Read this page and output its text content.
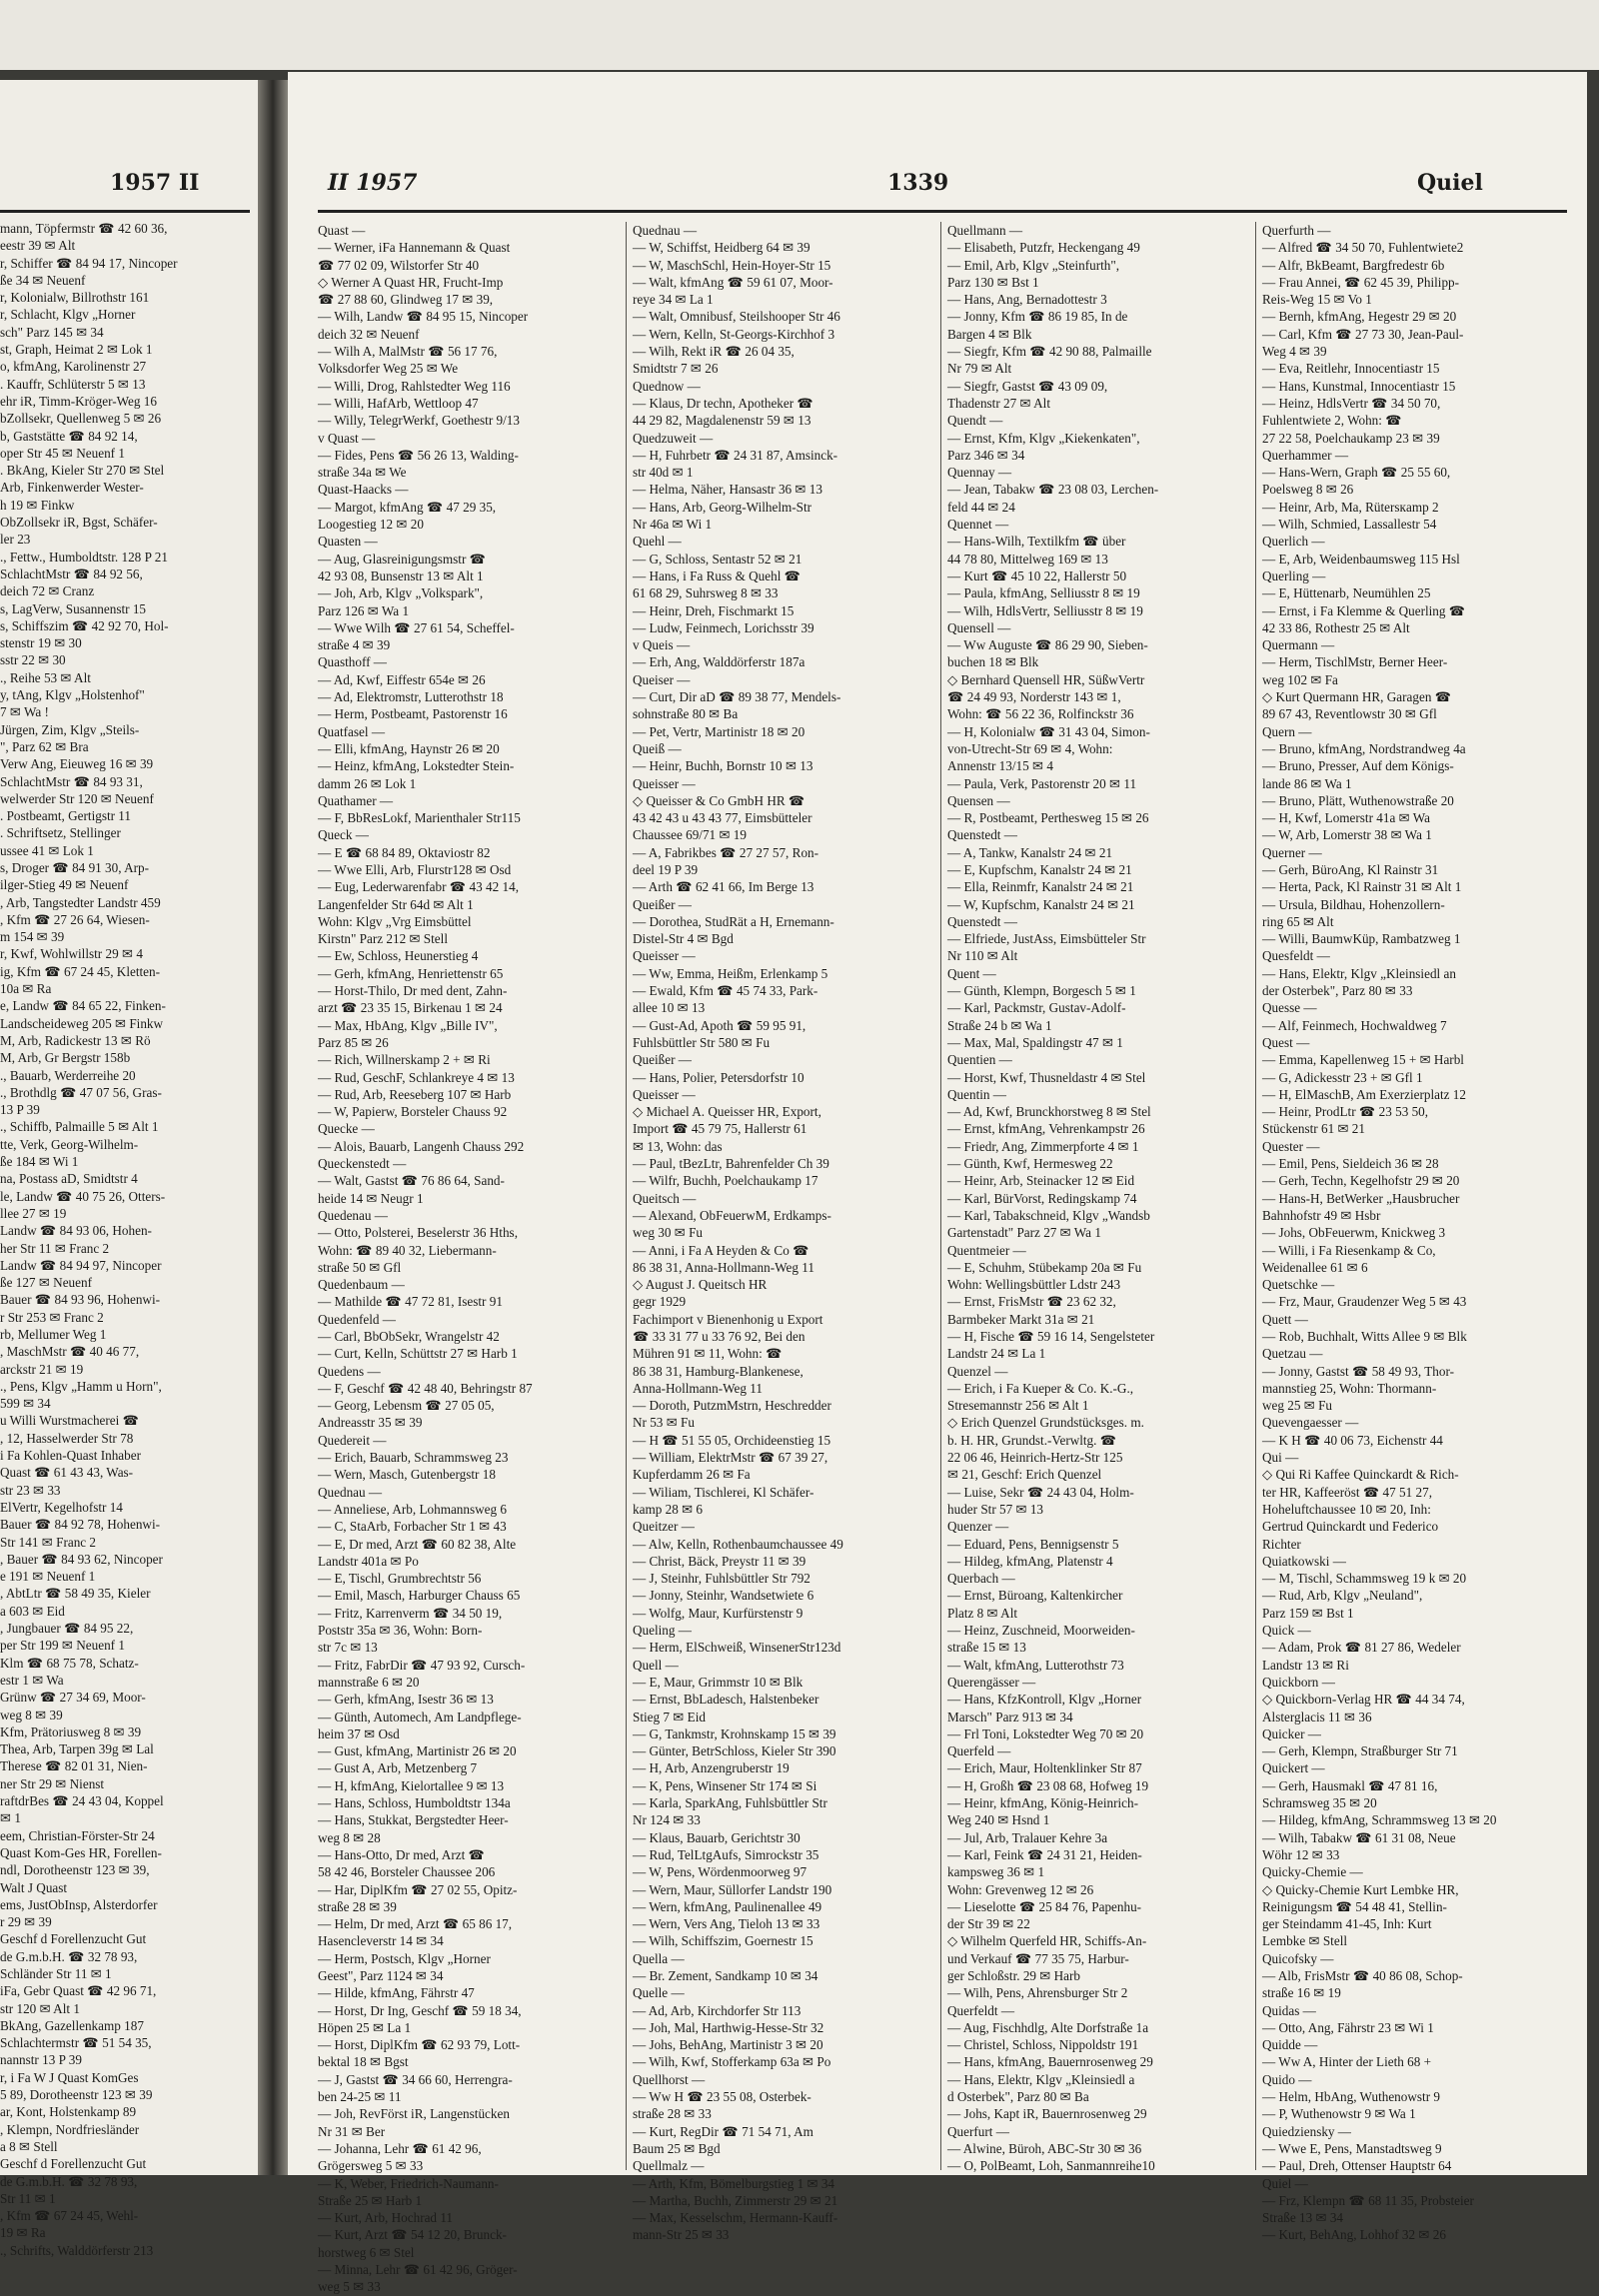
1957 II
mann, Töpfermstr ☎ 42 60 36,
eestr 39 ✉ Alt
r, Schiffer ☎ 84 94 17, Nincoper
ße 34 ✉ Neuenf
r, Kolonialw, Billrothstr 161
r, Schlacht, Klgv „Horner
sch" Parz 145 ✉ 34
st, Graph, Heimat 2 ✉ Lok 1
o, kfmAng, Karolinenstr 27
. Kauffr, Schlüterstr 5 ✉ 13
ehr iR, Timm-Kröger-Weg 16
bZollsekr, Quellenweg 5 ✉ 26
b, Gaststätte ☎ 84 92 14,
oper Str 45 ✉ Neuenf 1
. BkAng, Kieler Str 270 ✉ Stel
Arb, Finkenwerder Wester-
h 19 ✉ Finkw
ObZollsekr iR, Bgst, Schäfer-
ler 23
., Fettw., Humboldtstr. 128 P 21
SchlachtMstr ☎ 84 92 56,
deich 72 ✉ Cranz
s, LagVerw, Susannenstr 15
s, Schiffszim ☎ 42 92 70, Hol-
stenstr 19 ✉ 30
sstr 22 ✉ 30
., Reihe 53 ✉ Alt
y, tAng, Klgv „Holstenhof"
7 ✉ Wa !
Jürgen, Zim, Klgv „Steils-
", Parz 62 ✉ Bra
Verw Ang, Eieuweg 16 ✉ 39
SchlachtMstr ☎ 84 93 31,
welwerder Str 120 ✉ Neuenf
. Postbeamt, Gertigstr 11
. Schriftsetz, Stellinger
ussee 41 ✉ Lok 1
s, Droger ☎ 84 91 30, Arp-
ilger-Stieg 49 ✉ Neuenf
, Arb, Tangstedter Landstr 459
, Kfm ☎ 27 26 64, Wiesen-
m 154 ✉ 39
r, Kwf, Wohlwillstr 29 ✉ 4
ig, Kfm ☎ 67 24 45, Kletten-
10a ✉ Ra
e, Landw ☎ 84 65 22, Finken-
Landscheideweg 205 ✉ Finkw
M, Arb, Radickestr 13 ✉ Rö
M, Arb, Gr Bergstr 158b
., Bauarb, Werderreihe 20
., Brothdlg ☎ 47 07 56, Gras-
13 P 39
., Schiffb, Palmaille 5 ✉ Alt 1
tte, Verk, Georg-Wilhelm-
ße 184 ✉ Wi 1
na, Postass aD, Smidtstr 4
le, Landw ☎ 40 75 26, Otters-
llee 27 ✉ 19
Landw ☎ 84 93 06, Hohen-
her Str 11 ✉ Franc 2
Landw ☎ 84 94 97, Nincoper
ße 127 ✉ Neuenf
Bauer ☎ 84 93 96, Hohenwi-
r Str 253 ✉ Franc 2
rb, Mellumer Weg 1
, MaschMstr ☎ 40 46 77,
arckstr 21 ✉ 19
., Pens, Klgv „Hamm u Horn",
599 ✉ 34
u Willi Wurstmacherei ☎
, 12, Hasselwerder Str 78
i Fa Kohlen-Quast Inhaber
Quast ☎ 61 43 43, Was-
str 23 ✉ 33
ElVertr, Kegelhofstr 14
Bauer ☎ 84 92 78, Hohenwi-
Str 141 ✉ Franc 2
, Bauer ☎ 84 93 62, Nincoper
e 191 ✉ Neuenf 1
, AbtLtr ☎ 58 49 35, Kieler
a 603 ✉ Eid
, Jungbauer ☎ 84 95 22,
per Str 199 ✉ Neuenf 1
Klm ☎ 68 75 78, Schatz-
estr 1 ✉ Wa
Grünw ☎ 27 34 69, Moor-
weg 8 ✉ 39
Kfm, Prätoriusweg 8 ✉ 39
Thea, Arb, Tarpen 39g ✉ Lal
Therese ☎ 82 01 31, Nien-
ner Str 29 ✉ Nienst
raftdrBes ☎ 24 43 04, Koppel
✉ 1
eem, Christian-Förster-Str 24
Quast Kom-Ges HR, Forellen-
ndl, Dorotheenstr 123 ✉ 39,
Walt J Quast
ems, JustObInsp, Alsterdorfer
r 29 ✉ 39
Geschf d Forellenzucht Gut
de G.m.b.H. ☎ 32 78 93,
Schländer Str 11 ✉ 1
iFa, Gebr Quast ☎ 42 96 71,
str 120 ✉ Alt 1
BkAng, Gazellenkamp 187
Schlachtermstr ☎ 51 54 35,
nannstr 13 P 39
r, i Fa W J Quast KomGes
5 89, Dorotheenstr 123 ✉ 39
ar, Kont, Holstenkamp 89
, Klempn, Nordfriesländer
a 8 ✉ Stell
Geschf d Forellenzucht Gut
de G.m.b.H. ☎ 32 78 93,
Str 11 ✉ 1
, Kfm ☎ 67 24 45, Wehl-
19 ✉ Ra
., Schrifts, Walddörferstr 213
II 1957	1339	Quiel
Quast —
— Werner, iFa Hannemann & Quast
☎ 77 02 09, Wilstorfer Str 40
◇ Werner A Quast HR, Frucht-Imp
☎ 27 88 60, Glindweg 17 ✉ 39,
— Wilh, Landw ☎ 84 95 15, Nincoper
deich 32 ✉ Neuenf
— Wilh A, MalMstr ☎ 56 17 76,
Volksdorfer Weg 25 ✉ We
— Willi, Drog, Rahlstedter Weg 116
— Willi, HafArb, Wettloop 47
— Willy, TelegrWerkf, Goethestr 9/13
v Quast —
— Fides, Pens ☎ 56 26 13, Walding-
straße 34a ✉ We
Quast-Haacks —
— Margot, kfmAng ☎ 47 29 35,
Loogestieg 12 ✉ 20
Quasten —
— Aug, Glasreinigungsmstr ☎
42 93 08, Bunsenstr 13 ✉ Alt 1
— Joh, Arb, Klgv „Volkspark",
Parz 126 ✉ Wa 1
— Wwe Wilh ☎ 27 61 54, Scheffel-
straße 4 ✉ 39
Quasthoff —
— Ad, Kwf, Eiffestr 654e ✉ 26
— Ad, Elektromstr, Lutterothstr 18
— Herm, Postbeamt, Pastorenstr 16
Quatfasel —
— Elli, kfmAng, Haynstr 26 ✉ 20
— Heinz, kfmAng, Lokstedter Stein-
damm 26 ✉ Lok 1
Quathamer —
— F, BbResLokf, Marienthaler Str115
Queck —
— E ☎ 68 84 89, Oktaviostr 82
— Wwe Elli, Arb, Flurstr128 ✉ Osd
— Eug, Lederwarenfabr ☎ 43 42 14,
Langenfelder Str 64d ✉ Alt 1
Wohn: Klgv „Vrg Eimsbüttel
Kirstn" Parz 212 ✉ Stell
— Ew, Schloss, Heunerstieg 4
— Gerh, kfmAng, Henriettenstr 65
— Horst-Thilo, Dr med dent, Zahn-
arzt ☎ 23 35 15, Birkenau 1 ✉ 24
— Max, HbAng, Klgv „Bille IV",
Parz 85 ✉ 26
— Rich, Willnerskamp 2 + ✉ Ri
— Rud, GeschF, Schlankreye 4 ✉ 13
— Rud, Arb, Reeseberg 107 ✉ Harb
— W, Papierw, Borsteler Chauss 92
Quecke —
— Alois, Bauarb, Langenh Chauss 292
Queckenstedt —
— Walt, Gastst ☎ 76 86 64, Sand-
heide 14 ✉ Neugr 1
Quedenau —
— Otto, Polsterei, Beselerstr 36 Hths,
Wohn: ☎ 89 40 32, Liebermann-
straße 50 ✉ Gfl
Quedenbaum —
— Mathilde ☎ 47 72 81, Isestr 91
Quedenfeld —
— Carl, BbObSekr, Wrangelstr 42
— Curt, Kelln, Schüttstr 27 ✉ Harb 1
Quedens —
— F, Geschf ☎ 42 48 40, Behringstr 87
— Georg, Lebensm ☎ 27 05 05,
Andreasstr 35 ✉ 39
Quedereit —
— Erich, Bauarb, Schrammsweg 23
— Wern, Masch, Gutenbergstr 18
Quednau —
— Anneliese, Arb, Lohmannsweg 6
— C, StaArb, Forbacher Str 1 ✉ 43
— E, Dr med, Arzt ☎ 60 82 38, Alte
Landstr 401a ✉ Po
— E, Tischl, Grumbrechtstr 56
— Emil, Masch, Harburger Chauss 65
— Fritz, Karrenverm ☎ 34 50 19,
Poststr 35a ✉ 36, Wohn: Born-
str 7c ✉ 13
— Fritz, FabrDir ☎ 47 93 92, Cursch-
mannstraße 6 ✉ 20
— Gerh, kfmAng, Isestr 36 ✉ 13
— Günth, Automech, Am Landpflege-
heim 37 ✉ Osd
— Gust, kfmAng, Martinistr 26 ✉ 20
— Gust A, Arb, Metzenberg 7
— H, kfmAng, Kielortallee 9 ✉ 13
— Hans, Schloss, Humboldtstr 134a
— Hans, Stukkat, Bergstedter Heer-
weg 8 ✉ 28
— Hans-Otto, Dr med, Arzt ☎
58 42 46, Borsteler Chaussee 206
— Har, DiplKfm ☎ 27 02 55, Opitz-
straße 28 ✉ 39
— Helm, Dr med, Arzt ☎ 65 86 17,
Hasencleverstr 14 ✉ 34
— Herm, Postsch, Klgv „Horner
Geest", Parz 1124 ✉ 34
— Hilde, kfmAng, Fährstr 47
— Horst, Dr Ing, Geschf ☎ 59 18 34,
Höpen 25 ✉ La 1
— Horst, DiplKfm ☎ 62 93 79, Lott-
bektal 18 ✉ Bgst
— J, Gastst ☎ 34 66 60, Herrengra-
ben 24-25 ✉ 11
— Joh, RevFörst iR, Langenstücken
Nr 31 ✉ Ber
— Johanna, Lehr ☎ 61 42 96,
Grögersweg 5 ✉ 33
— K, Weber, Friedrich-Naumann-
Straße 25 ✉ Harb 1
— Kurt, Arb, Hochrad 11
— Kurt, Arzt ☎ 54 12 20, Brunck-
horstweg 6 ✉ Stel
— Minna, Lehr ☎ 61 42 96, Gröger-
weg 5 ✉ 33
Quednau —
— W, Schiffst, Heidberg 64 ✉ 39
— W, MaschSchl, Hein-Hoyer-Str 15
— Walt, kfmAng ☎ 59 61 07, Moor-
reye 34 ✉ La 1
— Walt, Omnibusf, Steilshooper Str 46
— Wern, Kelln, St-Georgs-Kirchhof 3
— Wilh, Rekt iR ☎ 26 04 35,
Smidtstr 7 ✉ 26
Quednow —
— Klaus, Dr techn, Apotheker ☎
44 29 82, Magdalenenstr 59 ✉ 13
Quedzuweit —
— H, Fuhrbetr ☎ 24 31 87, Amsinck-
str 40d ✉ 1
— Helma, Näher, Hansastr 36 ✉ 13
— Hans, Arb, Georg-Wilhelm-Str
Nr 46a ✉ Wi 1
Quehl —
— G, Schloss, Sentastr 52 ✉ 21
— Hans, i Fa Russ & Quehl ☎
61 68 29, Suhrsweg 8 ✉ 33
— Heinr, Dreh, Fischmarkt 15
— Ludw, Feinmech, Lorichsstr 39
v Queis —
— Erh, Ang, Walddörferstr 187a
Queiser —
— Curt, Dir aD ☎ 89 38 77, Mendels-
sohnstraße 80 ✉ Ba
— Pet, Vertr, Martinistr 18 ✉ 20
Queiß —
— Heinr, Buchh, Bornstr 10 ✉ 13
Queisser —
◇ Queisser & Co GmbH HR ☎
43 42 43 u 43 43 77, Eimsbütteler
Chaussee 69/71 ✉ 19
— A, Fabrikbes ☎ 27 27 57, Ron-
deel 19 P 39
— Arth ☎ 62 41 66, Im Berge 13
Queißer —
— Dorothea, StudRät a H, Ernemann-
Distel-Str 4 ✉ Bgd
Queisser —
— Ww, Emma, Heißm, Erlenkamp 5
— Ewald, Kfm ☎ 45 74 33, Park-
allee 10 ✉ 13
— Gust-Ad, Apoth ☎ 59 95 91,
Fuhlsbüttler Str 580 ✉ Fu
Queißer —
— Hans, Polier, Petersdorfstr 10
Queisser —
◇ Michael A. Queisser HR, Export,
Import ☎ 45 79 75, Hallerstr 61
✉ 13, Wohn: das
— Paul, tBezLtr, Bahrenfelder Ch 39
— Wilfr, Buchh, Poelchaukamp 17
Queitsch —
— Alexand, ObFeuerwM, Erdkamps-
weg 30 ✉ Fu
— Anni, i Fa A Heyden & Co ☎
86 38 31, Anna-Hollmann-Weg 11
◇ August J. Queitsch HR
gegr 1929
Fachimport v Bienenhonig u Export
☎ 33 31 77 u 33 76 92, Bei den
Mühren 91 ✉ 11, Wohn: ☎
86 38 31, Hamburg-Blankenese,
Anna-Hollmann-Weg 11
— Doroth, PutzmMstrn, Heschredder
Nr 53 ✉ Fu
— H ☎ 51 55 05, Orchideenstieg 15
— William, ElektrMstr ☎ 67 39 27,
Kupferdamm 26 ✉ Fa
— Wiliam, Tischlerei, Kl Schäfer-
kamp 28 ✉ 6
Queitzer —
— Alw, Kelln, Rothenbaumchaussee 49
— Christ, Bäck, Preystr 11 ✉ 39
— J, Steinhr, Fuhlsbüttler Str 792
— Jonny, Steinhr, Wandsetwiete 6
— Wolfg, Maur, Kurfürstenstr 9
Queling —
— Herm, ElSchweiß, WinsenerStr123d
Quell —
— E, Maur, Grimmstr 10 ✉ Blk
— Ernst, BbLadesch, Halstenbeker
Stieg 7 ✉ Eid
— G, Tankmstr, Krohnskamp 15 ✉ 39
— Günter, BetrSchloss, Kieler Str 390
— H, Arb, Anzengruberstr 19
— K, Pens, Winsener Str 174 ✉ Si
— Karla, SparkAng, Fuhlsbüttler Str
Nr 124 ✉ 33
— Klaus, Bauarb, Gerichtstr 30
— Rud, TelLtgAufs, Simrockstr 35
— W, Pens, Wördenmoorweg 97
— Wern, Maur, Süllorfer Landstr 190
— Wern, kfmAng, Paulinenallee 49
— Wern, Vers Ang, Tieloh 13 ✉ 33
— Wilh, Schiffszim, Goernestr 15
Quella —
— Br. Zement, Sandkamp 10 ✉ 34
Quelle —
— Ad, Arb, Kirchdorfer Str 113
— Joh, Mal, Harthwig-Hesse-Str 32
— Johs, BehAng, Martinistr 3 ✉ 20
— Wilh, Kwf, Stofferkamp 63a ✉ Po
Quellhorst —
— Ww H ☎ 23 55 08, Osterbek-
straße 28 ✉ 33
— Kurt, RegDir ☎ 71 54 71, Am
Baum 25 ✉ Bgd
Quellmalz —
— Arth, Kfm, Bömelburgstieg 1 ✉ 34
— Martha, Buchh, Zimmerstr 29 ✉ 21
— Max, Kesselschm, Hermann-Kauff-
mann-Str 25 ✉ 33
Quellmann —
— Elisabeth, Putzfr, Heckengang 49
— Emil, Arb, Klgv „Steinfurth",
Parz 130 ✉ Bst 1
— Hans, Ang, Bernadottestr 3
— Jonny, Kfm ☎ 86 19 85, In de
Bargen 4 ✉ Blk
— Siegfr, Kfm ☎ 42 90 88, Palmaille
Nr 79 ✉ Alt
— Siegfr, Gastst ☎ 43 09 09,
Thadenstr 27 ✉ Alt
Quendt —
— Ernst, Kfm, Klgv „Kiekenkaten",
Parz 346 ✉ 34
Quennay —
— Jean, Tabakw ☎ 23 08 03, Lerchen-
feld 44 ✉ 24
Quennet —
— Hans-Wilh, Textilkfm ☎ über
44 78 80, Mittelweg 169 ✉ 13
— Kurt ☎ 45 10 22, Hallerstr 50
— Paula, kfmAng, Selliusstr 8 ✉ 19
— Wilh, HdlsVertr, Selliusstr 8 ✉ 19
Quensell —
— Ww Auguste ☎ 86 29 90, Sieben-
buchen 18 ✉ Blk
◇ Bernhard Quensell HR, SüßwVertr
☎ 24 49 93, Norderstr 143 ✉ 1,
Wohn: ☎ 56 22 36, Rolfinckstr 36
— H, Kolonialw ☎ 31 43 04, Simon-
von-Utrecht-Str 69 ✉ 4, Wohn:
Annenstr 13/15 ✉ 4
— Paula, Verk, Pastorenstr 20 ✉ 11
Quensen —
— R, Postbeamt, Perthesweg 15 ✉ 26
Quenstedt —
— A, Tankw, Kanalstr 24 ✉ 21
— E, Kupfschm, Kanalstr 24 ✉ 21
— Ella, Reinmfr, Kanalstr 24 ✉ 21
— W, Kupfschm, Kanalstr 24 ✉ 21
Quenstedt —
— Elfriede, JustAss, Eimsbütteler Str
Nr 110 ✉ Alt
Quent —
— Günth, Klempn, Borgesch 5 ✉ 1
— Karl, Packmstr, Gustav-Adolf-
Straße 24 b ✉ Wa 1
— Max, Mal, Spaldingstr 47 ✉ 1
Quentien —
— Horst, Kwf, Thusneldastr 4 ✉ Stel
Quentin —
— Ad, Kwf, Brunckhorstweg 8 ✉ Stel
— Ernst, kfmAng, Vehrenkampstr 26
— Friedr, Ang, Zimmerpforte 4 ✉ 1
— Günth, Kwf, Hermesweg 22
— Heinr, Arb, Steinacker 12 ✉ Eid
— Karl, BürVorst, Redingskamp 74
— Karl, Tabakschneid, Klgv „Wandsb
Gartenstadt" Parz 27 ✉ Wa 1
Quentmeier —
— E, Schuhm, Stübekamp 20a ✉ Fu
Wohn: Wellingsbüttler Ldstr 243
— Ernst, FrisMstr ☎ 23 62 32,
Barmbeker Markt 31a ✉ 21
— H, Fische ☎ 59 16 14, Sengelsteter
Landstr 24 ✉ La 1
Quenzel —
— Erich, i Fa Kueper & Co. K.-G.,
Stresemannstr 256 ✉ Alt 1
◇ Erich Quenzel Grundstücksges. m.
b. H. HR, Grundst.-Verwltg. ☎
22 06 46, Heinrich-Hertz-Str 125
✉ 21, Geschf: Erich Quenzel
— Luise, Sekr ☎ 24 43 04, Holm-
huder Str 57 ✉ 13
Quenzer —
— Eduard, Pens, Bennigsenstr 5
— Hildeg, kfmAng, Platenstr 4
Querbach —
— Ernst, Büroang, Kaltenkircher
Platz 8 ✉ Alt
— Heinz, Zuschneid, Moorweiden-
straße 15 ✉ 13
— Walt, kfmAng, Lutterothstr 73
Querengässer —
— Hans, KfzKontroll, Klgv „Horner
Marsch" Parz 913 ✉ 34
— Frl Toni, Lokstedter Weg 70 ✉ 20
Querfeld —
— Erich, Maur, Holtenklinker Str 87
— H, Großh ☎ 23 08 68, Hofweg 19
— Heinr, kfmAng, König-Heinrich-
Weg 240 ✉ Hsnd 1
— Jul, Arb, Tralauer Kehre 3a
— Karl, Feink ☎ 24 31 21, Heiden-
kampsweg 36 ✉ 1
Wohn: Grevenweg 12 ✉ 26
— Lieselotte ☎ 25 84 76, Papenhu-
der Str 39 ✉ 22
◇ Wilhelm Querfeld HR, Schiffs-An-
und Verkauf ☎ 77 35 75, Harbur-
ger Schloßstr. 29 ✉ Harb
— Wilh, Pens, Ahrensburger Str 2
Querfeldt —
— Aug, Fischhdlg, Alte Dorfstraße 1a
— Christel, Schloss, Nippoldstr 191
— Hans, kfmAng, Bauernrosenweg 29
— Hans, Elektr, Klgv „Kleinsiedl a
d Osterbek", Parz 80 ✉ Ba
— Johs, Kapt iR, Bauernrosenweg 29
Querfurt —
— Alwine, Büroh, ABC-Str 30 ✉ 36
— O, PolBeamt, Loh, Sanmannreihe10
Querfurth —
— Alfred ☎ 34 50 70, Fuhlentwiete2
— Alfr, BkBeamt, Bargfredestr 6b
— Frau Annei, ☎ 62 45 39, Philipp-
Reis-Weg 15 ✉ Vo 1
— Bernh, kfmAng, Hegestr 29 ✉ 20
— Carl, Kfm ☎ 27 73 30, Jean-Paul-
Weg 4 ✉ 39
— Eva, Reitlehr, Innocentiastr 15
— Hans, Kunstmal, Innocentiastr 15
— Heinz, HdlsVertr ☎ 34 50 70,
Fuhlentwiete 2, Wohn: ☎
27 22 58, Poelchaukamp 23 ✉ 39
Querhammer —
— Hans-Wern, Graph ☎ 25 55 60,
Poelsweg 8 ✉ 26
— Heinr, Arb, Ma, Rütersкamp 2
— Wilh, Schmied, Lassallestr 54
Querlich —
— E, Arb, Weidenbaumsweg 115 Hsl
Querling —
— E, Hüttenarb, Neumühlen 25
— Ernst, i Fa Klemme & Querling ☎
42 33 86, Rothestr 25 ✉ Alt
Quermann —
— Herm, TischlMstr, Berner Heer-
weg 102 ✉ Fa
◇ Kurt Quermann HR, Garagen ☎
89 67 43, Reventlowstr 30 ✉ Gfl
Quern —
— Bruno, kfmAng, Nordstrandweg 4a
— Bruno, Presser, Auf dem Königs-
lande 86 ✉ Wa 1
— Bruno, Plätt, Wuthenowstraße 20
— H, Kwf, Lomerstr 41a ✉ Wa
— W, Arb, Lomerstr 38 ✉ Wa 1
Querner —
— Gerh, BüroAng, Kl Rainstr 31
— Herta, Pack, Kl Rainstr 31 ✉ Alt 1
— Ursula, Bildhau, Hohenzollern-
ring 65 ✉ Alt
— Willi, BaumwKüp, Rambatzweg 1
Quesfeldt —
— Hans, Elektr, Klgv „Kleinsiedl an
der Osterbek", Parz 80 ✉ 33
Quesse —
— Alf, Feinmech, Hochwaldweg 7
Quest —
— Emma, Kapellenweg 15 + ✉ Harbl
— G, Adickesstr 23 + ✉ Gfl 1
— H, ElMaschB, Am Exerzierplatz 12
— Heinr, ProdLtr ☎ 23 53 50,
Stückenstr 61 ✉ 21
Quester —
— Emil, Pens, Sieldeich 36 ✉ 28
— Gerh, Techn, Kegelhofstr 29 ✉ 20
— Hans-H, BetWerker „Hausbrucher
Bahnhofstr 49 ✉ Hsbr
— Johs, ObFeuerwm, Knickweg 3
— Willi, i Fa Riesenkamp & Co,
Weidenallee 61 ✉ 6
Quetschke —
— Frz, Maur, Graudenzer Weg 5 ✉ 43
Quett —
— Rob, Buchhalt, Witts Allee 9 ✉ Blk
Quetzau —
— Jonny, Gastst ☎ 58 49 93, Thor-
mannstieg 25, Wohn: Thormann-
weg 25 ✉ Fu
Quevengaesser —
— K H ☎ 40 06 73, Eichenstr 44
Qui —
◇ Qui Ri Kaffee Quinckardt & Rich-
ter HR, Kaffeeröst ☎ 47 51 27,
Hoheluftchaussee 10 ✉ 20, Inh:
Gertrud Quinckardt und Federico
Richter
Quiatkowski —
— M, Tischl, Schammsweg 19 k ✉ 20
— Rud, Arb, Klgv „Neuland",
Parz 159 ✉ Bst 1
Quick —
— Adam, Prok ☎ 81 27 86, Wedeler
Landstr 13 ✉ Ri
Quickborn —
◇ Quickborn-Verlag HR ☎ 44 34 74,
Alsterglacis 11 ✉ 36
Quicker —
— Gerh, Klempn, Straßburger Str 71
Quickert —
— Gerh, Hausmakl ☎ 47 81 16,
Schramsweg 35 ✉ 20
— Hildeg, kfmAng, Schrammsweg 13 ✉ 20
— Wilh, Tabakw ☎ 61 31 08, Neue
Wöhr 12 ✉ 33
Quicky-Chemie —
◇ Quicky-Chemie Kurt Lembke HR,
Reinigungsm ☎ 54 48 41, Stellin-
ger Steindamm 41-45, Inh: Kurt
Lembke ✉ Stell
Quicofsky —
— Alb, FrisMstr ☎ 40 86 08, Schop-
straße 16 ✉ 19
Quidas —
— Otto, Ang, Fährstr 23 ✉ Wi 1
Quidde —
— Ww A, Hinter der Lieth 68 +
Quido —
— Helm, HbAng, Wuthenowstr 9
— P, Wuthenowstr 9 ✉ Wa 1
Quiedziensky —
— Wwe E, Pens, Manstadtsweg 9
— Paul, Dreh, Ottenser Hauptstr 64
Quiel —
— Frz, Klempn ☎ 68 11 35, Probsteier
Straße 13 ✉ 34
— Kurt, BehAng, Lohhof 32 ✉ 26
